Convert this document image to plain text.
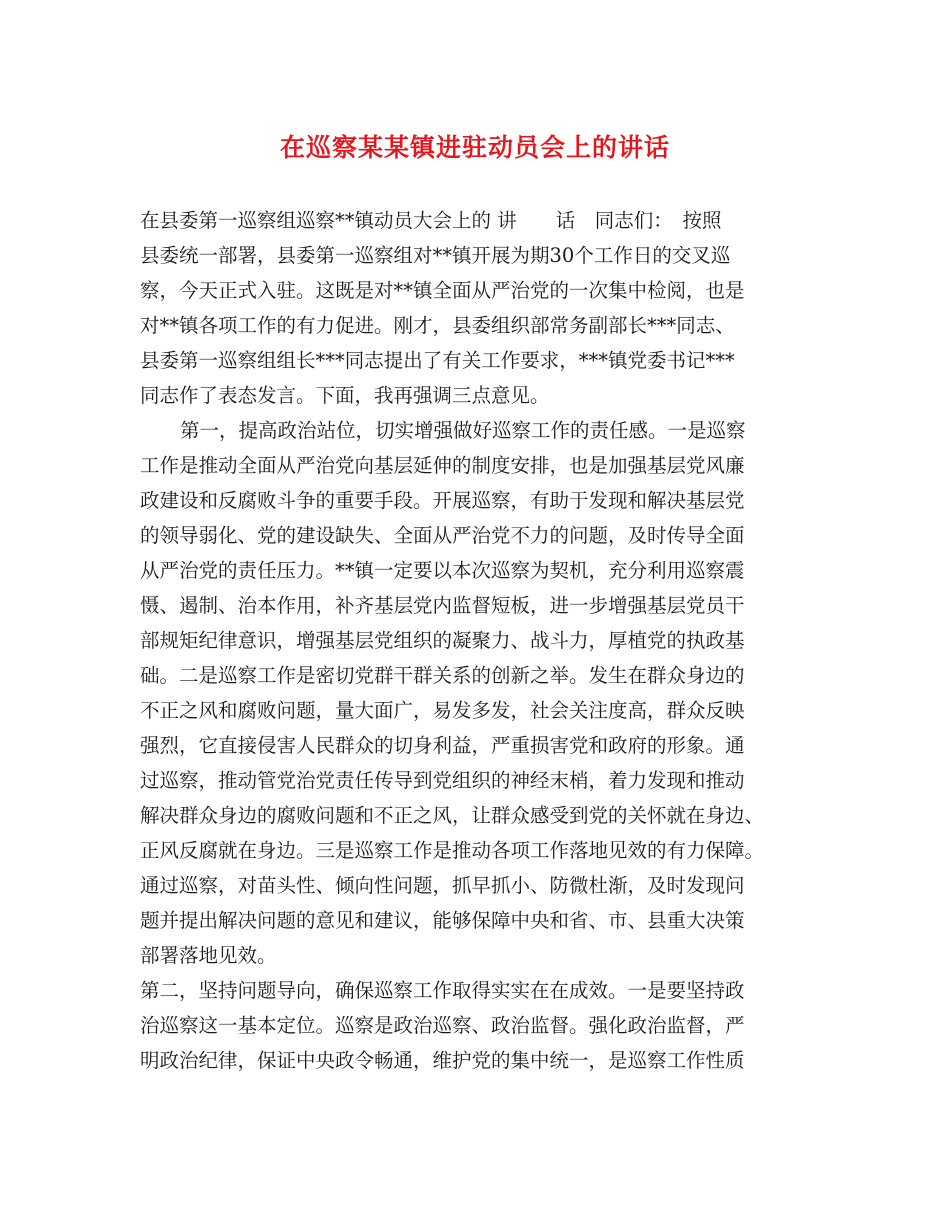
在巡察某某镇进驻动员会上的讲话
在县委第一巡察组巡察**镇动员大会上的 讲　　话　同志们：　按照
县委统一部署，县委第一巡察组对**镇开展为期30个工作日的交叉巡
察，今天正式入驻。这既是对**镇全面从严治党的一次集中检阅，也是
对**镇各项工作的有力促进。刚才，县委组织部常务副部长***同志、
县委第一巡察组组长***同志提出了有关工作要求，***镇党委书记***
同志作了表态发言。下面，我再强调三点意见。
第一，提高政治站位，切实增强做好巡察工作的责任感。一是巡察
工作是推动全面从严治党向基层延伸的制度安排，也是加强基层党风廉
政建设和反腐败斗争的重要手段。开展巡察，有助于发现和解决基层党
的领导弱化、党的建设缺失、全面从严治党不力的问题，及时传导全面
从严治党的责任压力。**镇一定要以本次巡察为契机，充分利用巡察震
慑、遏制、治本作用，补齐基层党内监督短板，进一步增强基层党员干
部规矩纪律意识，增强基层党组织的凝聚力、战斗力，厚植党的执政基
础。二是巡察工作是密切党群干群关系的创新之举。发生在群众身边的
不正之风和腐败问题，量大面广，易发多发，社会关注度高，群众反映
强烈，它直接侵害人民群众的切身利益，严重损害党和政府的形象。通
过巡察，推动管党治党责任传导到党组织的神经末梢，着力发现和推动
解决群众身边的腐败问题和不正之风，让群众感受到党的关怀就在身边、
正风反腐就在身边。三是巡察工作是推动各项工作落地见效的有力保障。
通过巡察，对苗头性、倾向性问题，抓早抓小、防微杜渐，及时发现问
题并提出解决问题的意见和建议，能够保障中央和省、市、县重大决策
部署落地见效。
第二，坚持问题导向，确保巡察工作取得实实在在成效。一是要坚持政
治巡察这一基本定位。巡察是政治巡察、政治监督。强化政治监督，严
明政治纪律，保证中央政令畅通，维护党的集中统一，是巡察工作性质
